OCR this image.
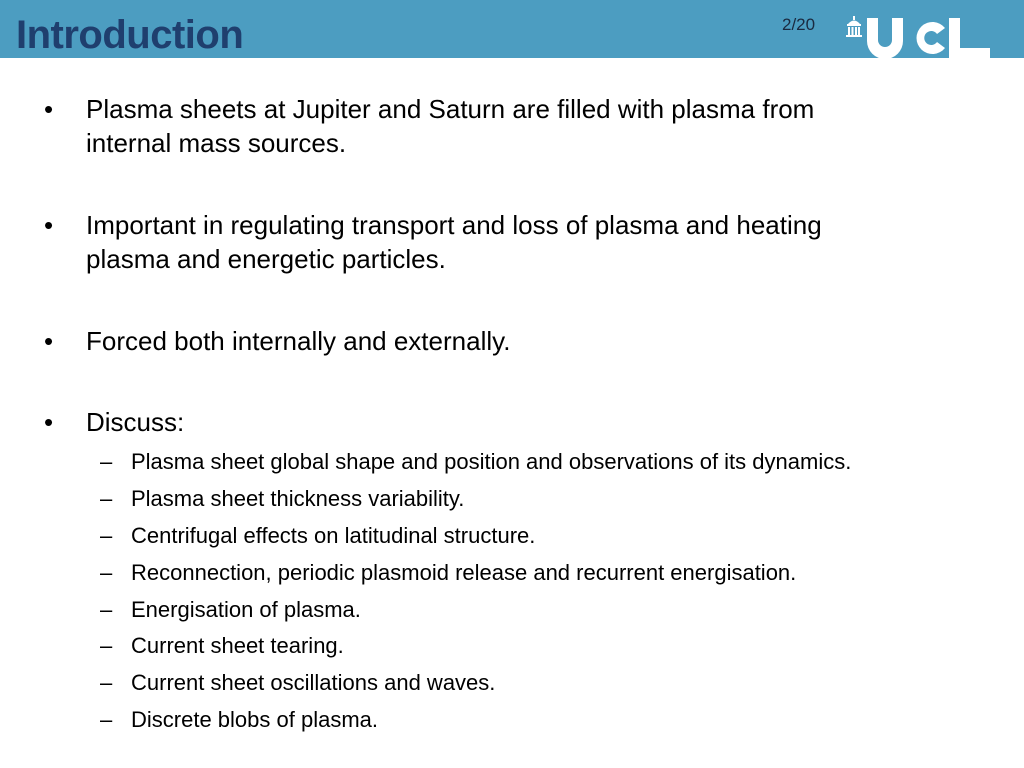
Introduction	2/20
• Plasma sheets at Jupiter and Saturn are filled with plasma from internal mass sources.
• Important in regulating transport and loss of plasma and heating plasma and energetic particles.
• Forced both internally and externally.
• Discuss:
– Plasma sheet global shape and position and observations of its dynamics.
– Plasma sheet thickness variability.
– Centrifugal effects on latitudinal structure.
– Reconnection, periodic plasmoid release and recurrent energisation.
– Energisation of plasma.
– Current sheet tearing.
– Current sheet oscillations and waves.
– Discrete blobs of plasma.
